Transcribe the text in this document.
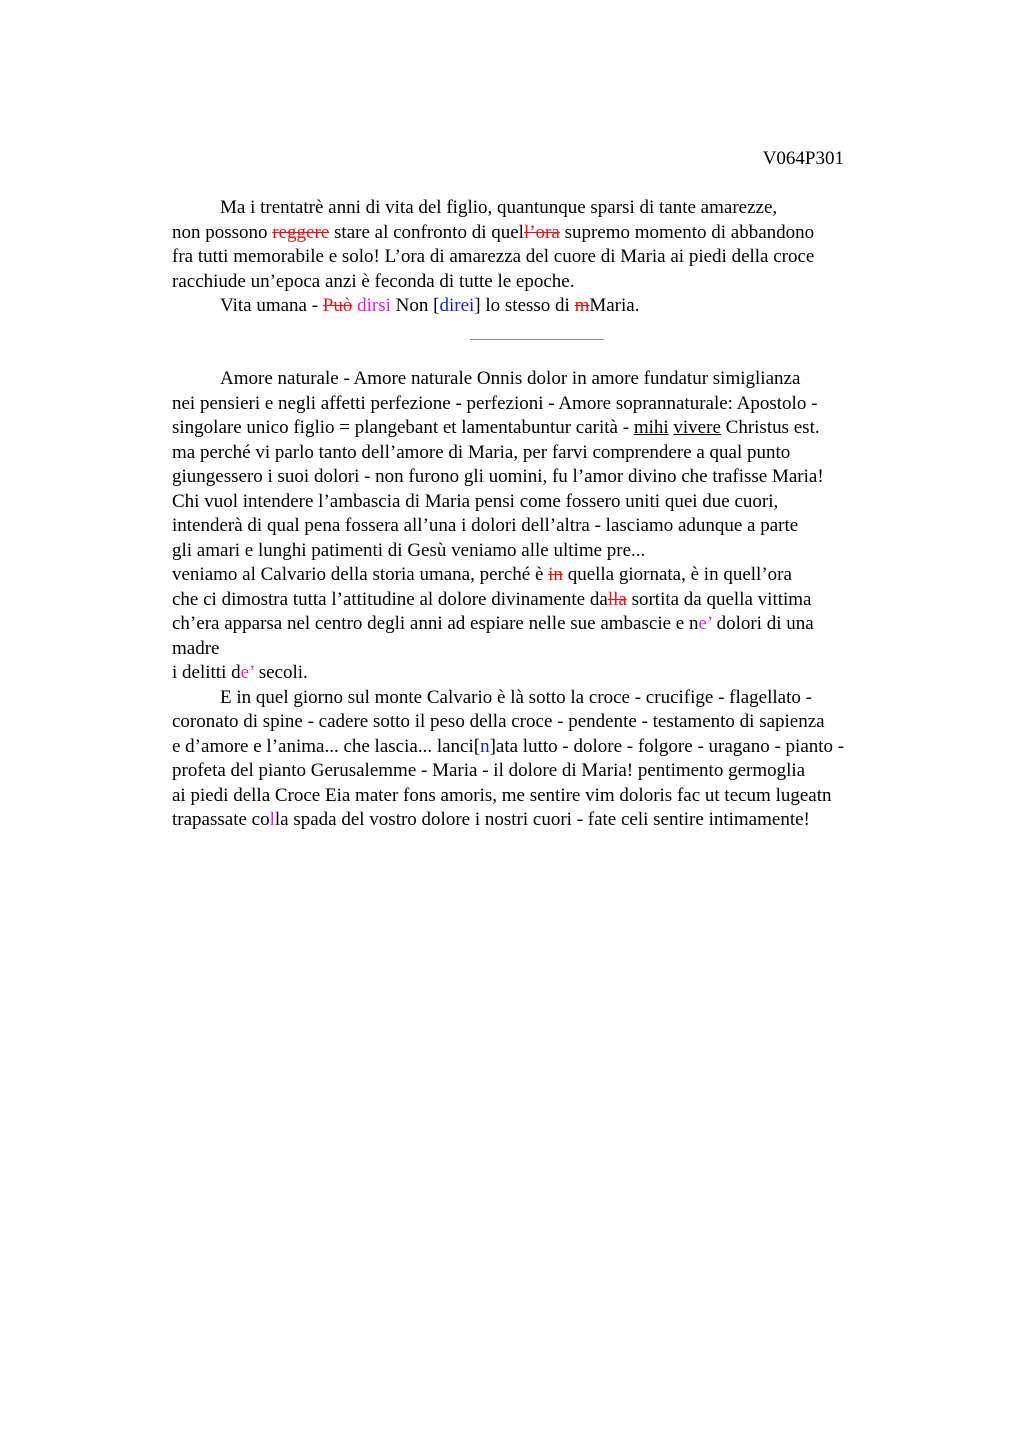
V064P301
Ma i trentatrè anni di vita del figlio, quantunque sparsi di tante amarezze,
non possono reggere stare al confronto di quell’ora supremo momento di abbandono
fra tutti memorabile e solo! L’ora di amarezza del cuore di Maria ai piedi della croce
racchiude un’epoca anzi è feconda di tutte le epoche.
Vita umana - Può dirsi Non [direi] lo stesso di mMaria.
Amore naturale - Amore naturale Onnis dolor in amore fundatur simiglianza
nei pensieri e negli affetti perfezione - perfezioni - Amore soprannaturale: Apostolo -
singolare unico figlio = plangebant et lamentabuntur carità - mihi vivere Christus est.
ma perché vi parlo tanto dell’amore di Maria, per farvi comprendere a qual punto
giungessero i suoi dolori - non furono gli uomini, fu l’amor divino che trafisse Maria!
Chi vuol intendere l’ambascia di Maria pensi come fossero uniti quei due cuori,
intenderà di qual pena fossera all’una i dolori dell’altra - lasciamo adunque a parte
gli amari e lunghi patimenti di Gesù veniamo alle ultime pre...
veniamo al Calvario della storia umana, perché è in quella giornata, è in quell’ora
che ci dimostra tutta l’attitudine al dolore divinamente dalla sortita da quella vittima
ch’era apparsa nel centro degli anni ad espiare nelle sue ambascie e ne’ dolori di una
madre
i delitti de’ secoli.
E in quel giorno sul monte Calvario è là sotto la croce - crucifige - flagellato -
coronato di spine - cadere sotto il peso della croce - pendente - testamento di sapienza
e d’amore e l’anima... che lascia... lanci[n]ata lutto - dolore - folgore - uragano - pianto -
profeta del pianto Gerusalemme - Maria - il dolore di Maria! pentimento germoglia
ai piedi della Croce Eia mater fons amoris, me sentire vim doloris fac ut tecum lugeatn
trapassate colla spada del vostro dolore i nostri cuori - fate celi sentire intimamente!
